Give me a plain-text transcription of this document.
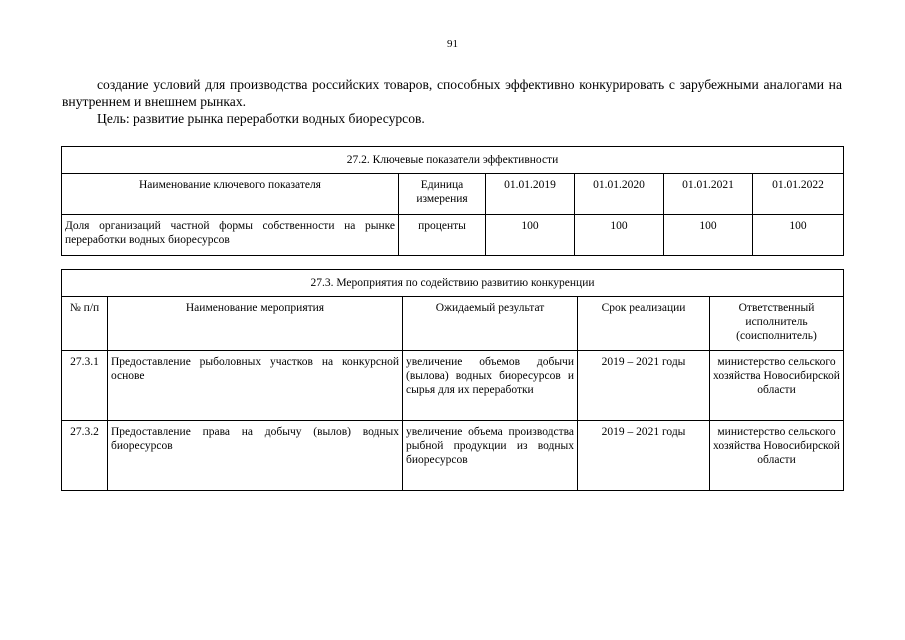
91
создание условий для производства российских товаров, способных эффективно конкурировать с зарубежными аналогами на внутреннем и внешнем рынках.
Цель: развитие рынка переработки водных биоресурсов.
27.2. Ключевые показатели эффективности					
Наименование ключевого показателя	Единица измерения	01.01.2019	01.01.2020	01.01.2021	01.01.2022
Доля организаций частной формы собственности на рынке переработки водных биоресурсов	проценты	100	100	100	100
27.3. Мероприятия по содействию развитию конкуренции				
№ п/п	Наименование мероприятия	Ожидаемый результат	Срок реализации	Ответственный исполнитель (соисполнитель)
27.3.1	Предоставление рыболовных участков на конкурсной основе	увеличение объемов добычи (вылова) водных биоресурсов и сырья для их переработки	2019 – 2021 годы	министерство сельского хозяйства Новосибирской области
27.3.2	Предоставление права на добычу (вылов) водных биоресурсов	увеличение объема производства рыбной продукции из водных биоресурсов	2019 – 2021 годы	министерство сельского хозяйства Новосибирской области
